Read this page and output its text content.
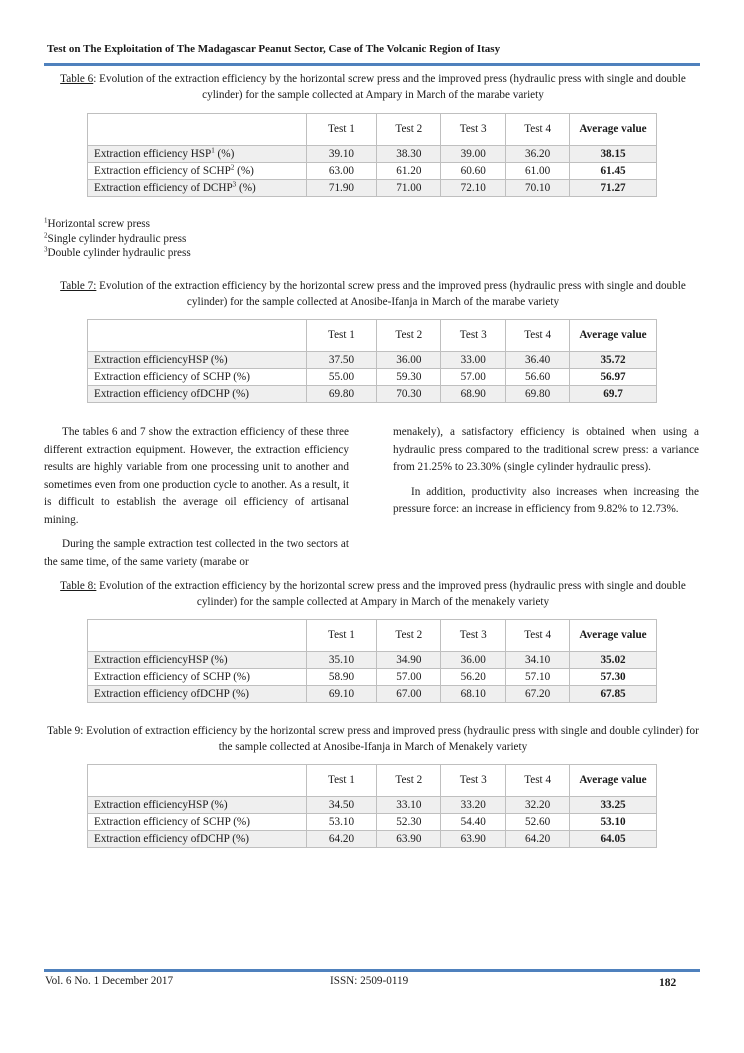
Test on The Exploitation of The Madagascar Peanut Sector, Case of The Volcanic Region of Itasy
Table 6: Evolution of the extraction efficiency by the horizontal screw press and the improved press (hydraulic press with single and double cylinder) for the sample collected at Ampary in March of the marabe variety
	Test 1	Test 2	Test 3	Test 4	Average value
Extraction efficiency HSP$^1$ (%)	39.10	38.30	39.00	36.20	38.15
Extraction efficiency of SCHP$^2$ (%)	63.00	61.20	60.60	61.00	61.45
Extraction efficiency of DCHP$^3$ (%)	71.90	71.00	72.10	70.10	71.27
$^1$Horizontal screw press
$^2$Single cylinder hydraulic press
$^3$Double cylinder hydraulic press
Table 7: Evolution of the extraction efficiency by the horizontal screw press and the improved press (hydraulic press with single and double cylinder) for the sample collected at Anosibe-Ifanja in March of the marabe variety
	Test 1	Test 2	Test 3	Test 4	Average value
Extraction efficiencyHSP (%)	37.50	36.00	33.00	36.40	35.72
Extraction efficiency of SCHP (%)	55.00	59.30	57.00	56.60	56.97
Extraction efficiency ofDCHP (%)	69.80	70.30	68.90	69.80	69.7

The tables 6 and 7 show the extraction efficiency of these three different extraction equipment. However, the extraction efficiency results are highly variable from one processing unit to another and sometimes even from one production cycle to another. As a result, it is difficult to establish the average oil efficiency of artisanal mining.

During the sample extraction test collected in the two sectors at the same time, of the same variety (marabe or

menakely), a satisfactory efficiency is obtained when using a hydraulic press compared to the traditional screw press: a variance from 21.25% to 23.30% (single cylinder hydraulic press).

In addition, productivity also increases when increasing the pressure force: an increase in efficiency from 9.82% to 12.73%.

Table 8: Evolution of the extraction efficiency by the horizontal screw press and the improved press (hydraulic press with single and double cylinder) for the sample collected at Ampary in March of the menakely variety
	Test 1	Test 2	Test 3	Test 4	Average value
Extraction efficiencyHSP (%)	35.10	34.90	36.00	34.10	35.02
Extraction efficiency of SCHP (%)	58.90	57.00	56.20	57.10	57.30
Extraction efficiency ofDCHP (%)	69.10	67.00	68.10	67.20	67.85
Table 9: Evolution of extraction efficiency by the horizontal screw press and improved press (hydraulic press with single and double cylinder) for the sample collected at Anosibe-Ifanja in March of Menakely variety
	Test 1	Test 2	Test 3	Test 4	Average value
Extraction efficiencyHSP (%)	34.50	33.10	33.20	32.20	33.25
Extraction efficiency of SCHP (%)	53.10	52.30	54.40	52.60	53.10
Extraction efficiency ofDCHP (%)	64.20	63.90	63.90	64.20	64.05
Vol. 6 No. 1 December 2017	ISSN: 2509-0119	182
